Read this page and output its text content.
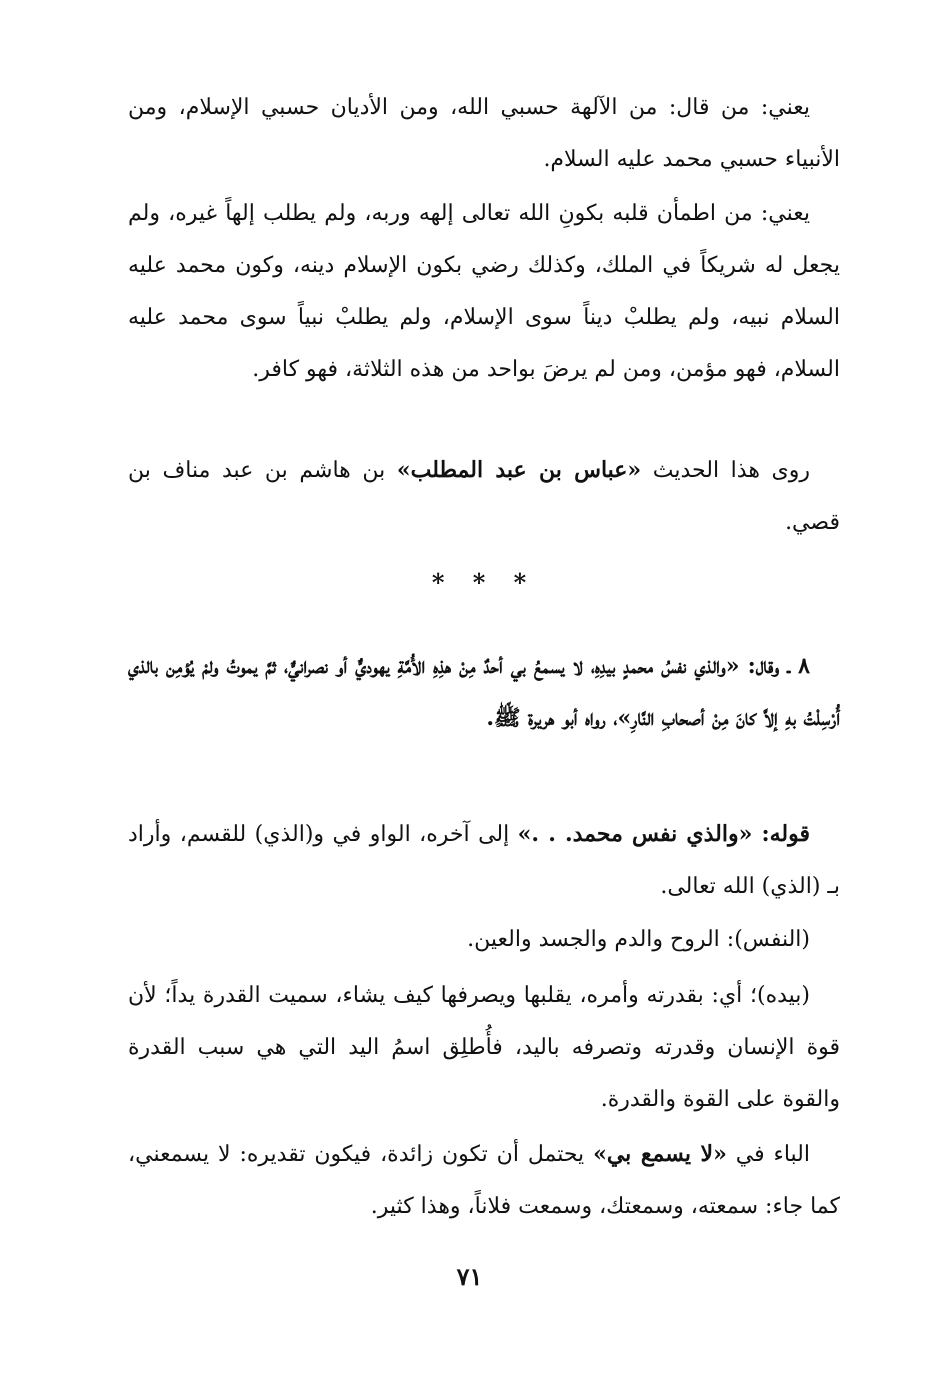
يعني: من قال: من الآلهة حسبي الله، ومن الأديان حسبي الإسلام، ومن الأنبياء حسبي محمد عليه السلام.

يعني: من اطمأن قلبه بكونِ الله تعالى إلهه وربه، ولم يطلب إلهاً غيره، ولم يجعل له شريكاً في الملك، وكذلك رضي بكون الإسلام دينه، وكون محمد عليه السلام نبيه، ولم يطلبْ ديناً سوى الإسلام، ولم يطلبْ نبياً سوى محمد عليه السلام، فهو مؤمن، ومن لم يرضَ بواحد من هذه الثلاثة، فهو كافر.

روى هذا الحديث «عباس بن عبد المطلب» بن هاشم بن عبد مناف بن قصي.

* * *

٨ ـ وقال: «والذي نفسُ محمدٍ بيدِهِ، لا يسمعُ بي أحدٌ مِنْ هذِهِ الأُمَّةِ يهوديٌّ أو نصرانيٌّ، ثمَّ يموتُ ولمْ يُؤمِن بالذي أُرْسِلْتُ بهِ إلاَّ كانَ مِنْ أصحابِ النَّارِ»، رواه أبو هريرة ﷺ.

قوله: «والذي نفس محمد. . .» إلى آخره، الواو في و(الذي) للقسم، وأراد بـ (الذي) الله تعالى.

(النفس): الروح والدم والجسد والعين.

(بيده)؛ أي: بقدرته وأمره، يقلبها ويصرفها كيف يشاء، سميت القدرة يداً؛ لأن قوة الإنسان وقدرته وتصرفه باليد، فأُطلِق اسمُ اليد التي هي سبب القدرة والقوة على القوة والقدرة.

الباء في «لا يسمع بي» يحتمل أن تكون زائدة، فيكون تقديره: لا يسمعني، كما جاء: سمعته، وسمعتك، وسمعت فلاناً، وهذا كثير.

٧١
